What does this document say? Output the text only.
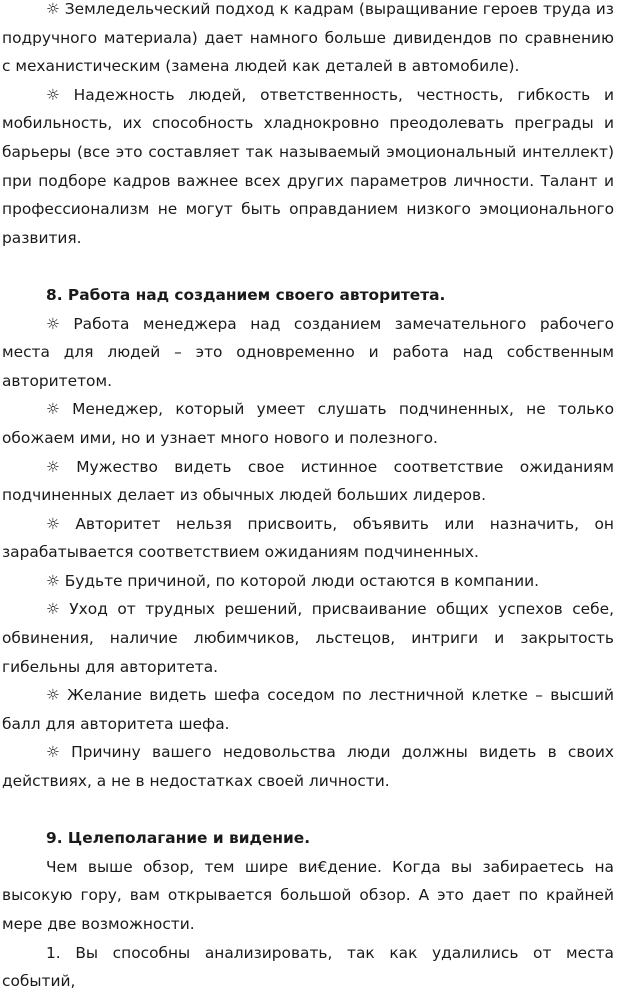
☼ Земледельческий подход к кадрам (выращивание героев труда из подручного материала) дает намного больше дивидендов по сравнению с механистическим (замена людей как деталей в автомобиле).

☼ Надежность людей, ответственность, честность, гибкость и мобильность, их способность хладнокровно преодолевать преграды и барьеры (все это составляет так называемый эмоциональный интеллект) при подборе кадров важнее всех других параметров личности. Талант и профессионализм не могут быть оправданием низкого эмоционального развития.

8. Работа над созданием своего авторитета.

☼ Работа менеджера над созданием замечательного рабочего места для людей – это одновременно и работа над собственным авторитетом.

☼ Менеджер, который умеет слушать подчиненных, не только обожаем ими, но и узнает много нового и полезного.

☼ Мужество видеть свое истинное соответствие ожиданиям подчиненных делает из обычных людей больших лидеров.

☼ Авторитет нельзя присвоить, объявить или назначить, он зарабатывается соответствием ожиданиям подчиненных.

☼ Будьте причиной, по которой люди остаются в компании.

☼ Уход от трудных решений, присваивание общих успехов себе, обвинения, наличие любимчиков, льстецов, интриги и закрытость гибельны для авторитета.

☼ Желание видеть шефа соседом по лестничной клетке – высший балл для авторитета шефа.

☼ Причину вашего недовольства люди должны видеть в своих действиях, а не в недостатках своей личности.

9. Целеполагание и видение.

Чем выше обзор, тем шире ви€дение. Когда вы забираетесь на высокую гору, вам открывается большой обзор. А это дает по крайней мере две возможности.

1. Вы способны анализировать, так как удалились от места событий,
